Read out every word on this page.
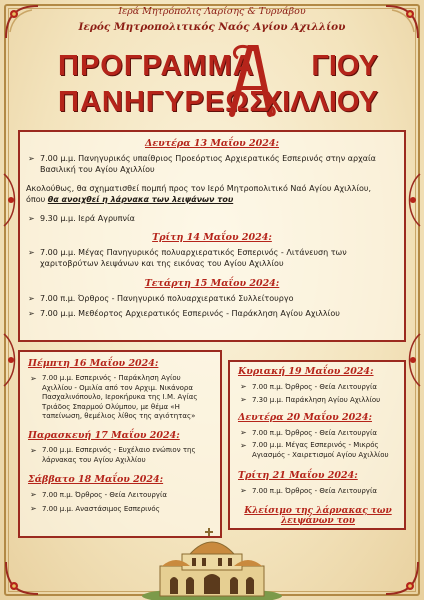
Ιερά Μητρόπολις Λαρίσης & Τυρνάβου
Ιερός Μητροπολιτικός Ναός Αγίου Αχιλλίου
ΠΡΟΓΡΑΜΜΑ
ΠΑΝΗΓΥΡΕΩΣ
ΓΙΟΥ
ΧΙΛΛΙΟΥ
Δευτέρα 13 Μαΐου 2024:
➢ 7.00 μ.μ. Πανηγυρικός υπαίθριος Προεόρτιος Αρχιερατικός Εσπερινός στην αρχαία
Βασιλική του Αγίου Αχιλλίου
Ακολούθως, θα σχηματισθεί πομπή προς τον Ιερό Μητροπολιτικό Ναό Αγίου Αχιλλίου,
όπου θα ανοιχθεί η λάρνακα των λειψάνων του
➢ 9.30 μ.μ. Ιερά Αγρυπνία
Τρίτη 14 Μαΐου 2024:
➢ 7.00 μ.μ. Μέγας Πανηγυρικός πολυαρχιερατικός Εσπερινός - Λιτάνευση των
χαριτοβρύτων λειψάνων και της εικόνας του Αγίου Αχιλλίου
Τετάρτη 15 Μαΐου 2024:
➢ 7.00 π.μ. Όρθρος - Πανηγυρικό πολυαρχιερατικό Συλλείτουργο
➢ 7.00 μ.μ. Μεθέορτος Αρχιερατικός Εσπερινός - Παράκληση Αγίου Αχιλλίου
Πέμπτη 16 Μαΐου 2024:
➢ 7.00 μ.μ. Εσπερινός - Παράκληση Αγίου
Αχιλλίου - Ομιλία από τον Αρχιμ. Νικάνορα
Πασχαλινόπουλο, Ιεροκήρυκα της Ι.Μ. Αγίας
Τριάδος Σπαρμού Ολύμπου, με θέμα «Η
ταπείνωση, θεμέλιος λίθος της αγιότητας»
Παρασκευή 17 Μαΐου 2024:
➢ 7.00 μ.μ. Εσπερινός - Ευχέλαιο ενώπιον της
λάρνακας του Αγίου Αχιλλίου
Σάββατο 18 Μαΐου 2024:
➢ 7.00 π.μ. Όρθρος - Θεία Λειτουργία
➢ 7.00 μ.μ. Αναστάσιμος Εσπερινός
Κυριακή 19 Μαΐου 2024:
➢ 7.00 π.μ. Όρθρος - Θεία Λειτουργία
➢ 7.30 μ.μ. Παράκληση Αγίου Αχιλλίου
Δευτέρα 20 Μαΐου 2024:
➢ 7.00 π.μ. Όρθρος - Θεία Λειτουργία
➢ 7.00 μ.μ. Μέγας Εσπερινός - Μικρός
Αγιασμός - Χαιρετισμοί Αγίου Αχιλλίου
Τρίτη 21 Μαΐου 2024:
➢ 7.00 π.μ. Όρθρος - Θεία Λειτουργία
Κλείσιμο της λάρνακας των λειψάνων του
